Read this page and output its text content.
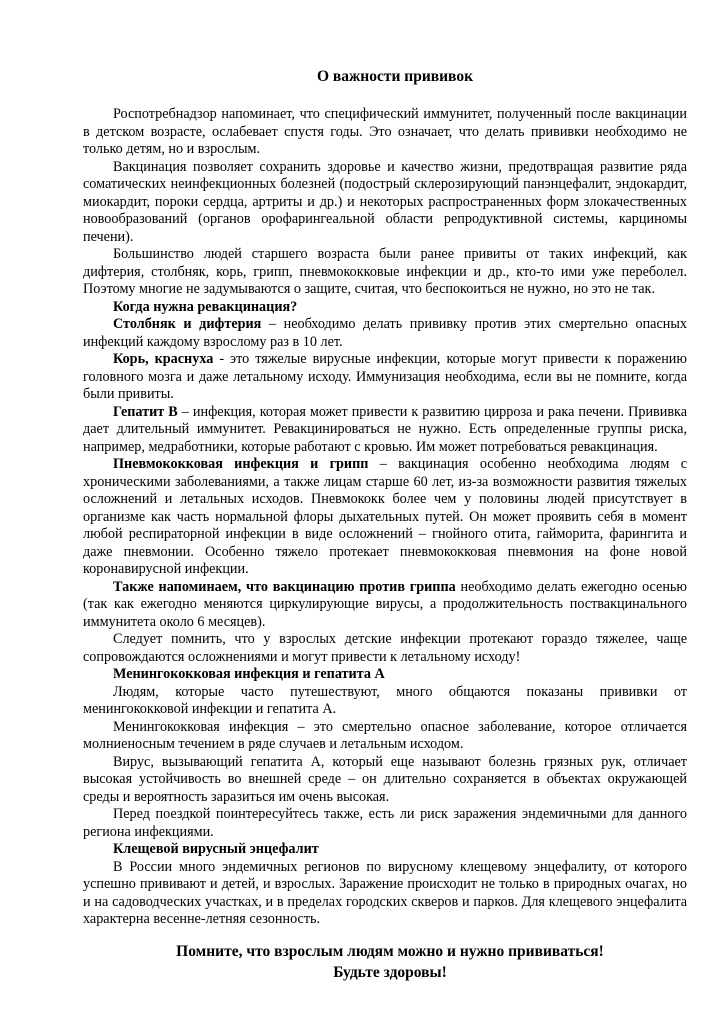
О важности прививок

Роспотребнадзор напоминает, что специфический иммунитет, полученный после вакцинации в детском возрасте, ослабевает спустя годы. Это означает, что делать прививки необходимо не только детям, но и взрослым.

Вакцинация позволяет сохранить здоровье и качество жизни, предотвращая развитие ряда соматических неинфекционных болезней (подострый склерозирующий панэнцефалит, эндокардит, миокардит, пороки сердца, артриты и др.) и некоторых распространенных форм злокачественных новообразований (органов орофарингеальной области репродуктивной системы, карциномы печени).

Большинство людей старшего возраста были ранее привиты от таких инфекций, как дифтерия, столбняк, корь, грипп, пневмококковые инфекции и др., кто-то ими уже переболел. Поэтому многие не задумываются о защите, считая, что беспокоиться не нужно, но это не так.

Когда нужна ревакцинация?

Столбняк и дифтерия – необходимо делать прививку против этих смертельно опасных инфекций каждому взрослому раз в 10 лет.

Корь, краснуха - это тяжелые вирусные инфекции, которые могут привести к поражению головного мозга и даже летальному исходу. Иммунизация необходима, если вы не помните, когда были привиты.

Гепатит В – инфекция, которая может привести к развитию цирроза и рака печени. Прививка дает длительный иммунитет. Ревакцинироваться не нужно. Есть определенные группы риска, например, медработники, которые работают с кровью. Им может потребоваться ревакцинация.

Пневмококковая инфекция и грипп – вакцинация особенно необходима людям с хроническими заболеваниями, а также лицам старше 60 лет, из-за возможности развития тяжелых осложнений и летальных исходов. Пневмококк более чем у половины людей присутствует в организме как часть нормальной флоры дыхательных путей. Он может проявить себя в момент любой респираторной инфекции в виде осложнений – гнойного отита, гайморита, фарингита и даже пневмонии. Особенно тяжело протекает пневмококковая пневмония на фоне новой коронавирусной инфекции.

Также напоминаем, что вакцинацию против гриппа необходимо делать ежегодно осенью (так как ежегодно меняются циркулирующие вирусы, а продолжительность поствакцинального иммунитета около 6 месяцев).

Следует помнить, что у взрослых детские инфекции протекают гораздо тяжелее, чаще сопровождаются осложнениями и могут привести к летальному исходу!

Менингококковая инфекция и гепатита А

Людям, которые часто путешествуют, много общаются показаны прививки от менингококковой инфекции и гепатита А.

Менингококковая инфекция – это смертельно опасное заболевание, которое отличается молниеносным течением в ряде случаев и летальным исходом.

Вирус, вызывающий гепатита А, который еще называют болезнь грязных рук, отличает высокая устойчивость во внешней среде – он длительно сохраняется в объектах окружающей среды и вероятность заразиться им очень высокая.

Перед поездкой поинтересуйтесь также, есть ли риск заражения эндемичными для данного региона инфекциями.

Клещевой вирусный энцефалит

В России много эндемичных регионов по вирусному клещевому энцефалиту, от которого успешно прививают и детей, и взрослых. Заражение происходит не только в природных очагах, но и на садоводческих участках, и в пределах городских скверов и парков. Для клещевого энцефалита характерна весенне-летняя сезонность.

Помните, что взрослым людям можно и нужно прививаться!
Будьте здоровы!
